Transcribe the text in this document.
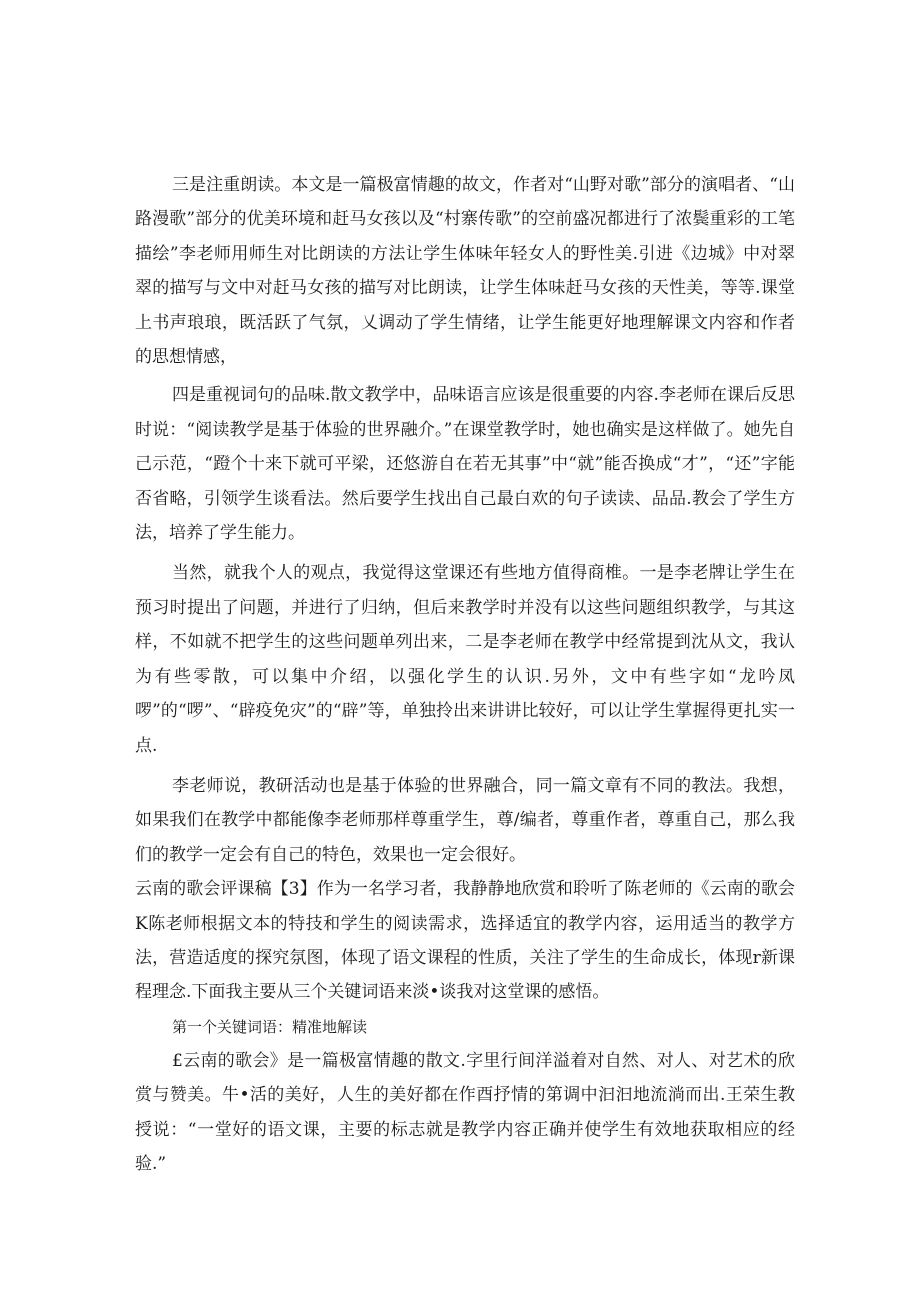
三是注重朗读。本文是一篇极富情趣的故文，作者对“山野对歌”部分的演唱者、“山路漫歌”部分的优美环境和赶马女孩以及“村寨传歌”的空前盛况都进行了浓鬓重彩的工笔描绘”李老师用师生对比朗读的方法让学生体味年轻女人的野性美.引进《边城》中对翠翠的描写与文中对赶马女孩的描写对比朗读，让学生体味赶马女孩的天性美，等等.课堂上书声琅琅，既活跃了气氛，乂调动了学生情绪，让学生能更好地理解课文内容和作者的思想情感，

四是重视词句的品味.散文教学中，品味语言应该是很重要的内容.李老师在课后反思时说：“阅读教学是基于体验的世界融介。”在课堂教学时，她也确实是这样做了。她先自己示范，“蹬个十来下就可平梁，还悠游自在若无其事”中“就”能否换成“才”，“还”字能否省略，引领学生谈看法。然后要学生找出自己最白欢的句子读读、品品.教会了学生方法，培养了学生能力。

当然，就我个人的观点，我觉得这堂课还有些地方值得商椎。一是李老牌让学生在预习时提出了问题，并进行了归纳，但后来教学时并没有以这些问题组织教学，与其这样，不如就不把学生的这些问题单列出来，二是李老师在教学中经常提到沈从文，我认为有些零散，可以集中介绍，以强化学生的认识.另外，文中有些字如“龙吟凤啰”的“啰”、“辟疫免灾”的“辟”等，单独拎出来讲讲比较好，可以让学生掌握得更扎实一点.

李老师说，教研活动也是基于体验的世界融合，同一篇文章有不同的教法。我想，如果我们在教学中都能像李老师那样尊重学生，尊/编者，尊重作者，尊重自己，那么我们的教学一定会有自己的特色，效果也一定会很好。

云南的歌会评课稿【3】作为一名学习者，我静静地欣赏和聆听了陈老师的《云南的歌会K陈老师根据文本的特技和学生的阅读需求，选择适宜的教学内容，运用适当的教学方法，营造适度的探究氛图，体现了语文课程的性质，关注了学生的生命成长，体现r新课程理念.下面我主要从三个关键词语来淡•谈我对这堂课的感悟。

第一个关键词语：精准地解读

£云南的歌会》是一篇极富情趣的散文.字里行间洋溢着对自然、对人、对艺术的欣赏与赞美。牛•活的美好，人生的美好都在作酉抒情的第调中汩汩地流淌而出.王荣生教授说：“一堂好的语文课，主要的标志就是教学内容正确并使学生有效地获取相应的经验.”
